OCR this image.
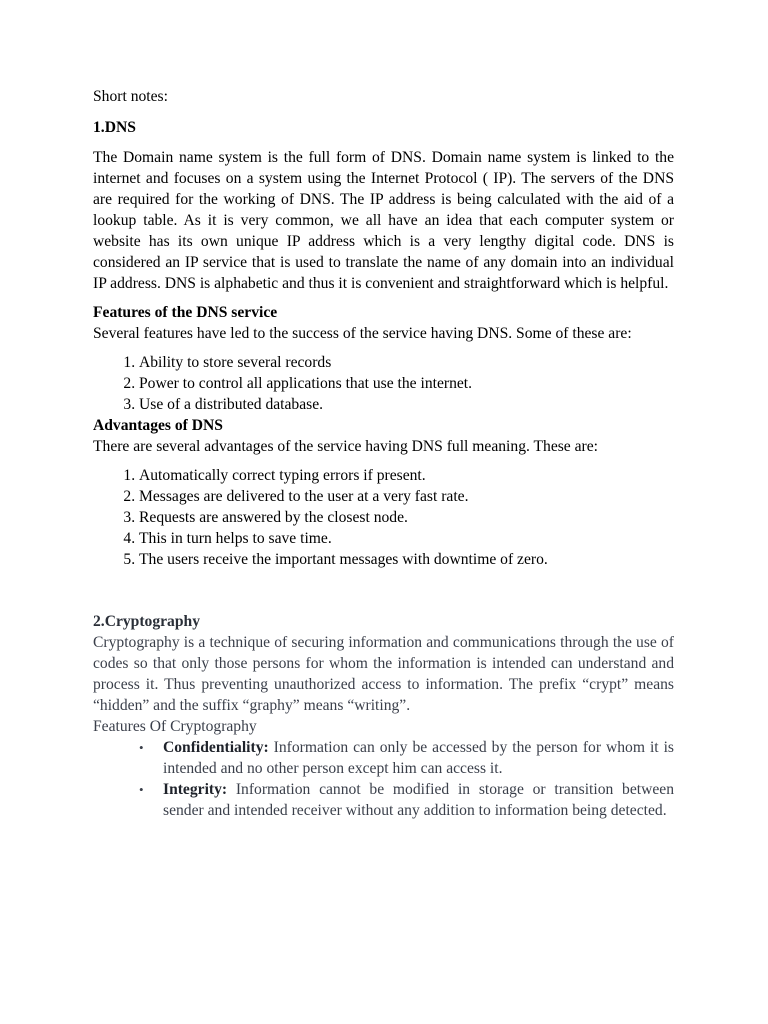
Short notes:

1.DNS

The Domain name system is the full form of DNS. Domain name system is linked to the internet and focuses on a system using the Internet Protocol ( IP). The servers of the DNS are required for the working of DNS. The IP address is being calculated with the aid of a lookup table. As it is very common, we all have an idea that each computer system or website has its own unique IP address which is a very lengthy digital code. DNS is considered an IP service that is used to translate the name of any domain into an individual IP address. DNS is alphabetic and thus it is convenient and straightforward which is helpful.

Features of the DNS service

Several features have led to the success of the service having DNS. Some of these are:

1. Ability to store several records
2. Power to control all applications that use the internet.
3. Use of a distributed database.

Advantages of DNS

There are several advantages of the service having DNS full meaning. These are:

1. Automatically correct typing errors if present.
2. Messages are delivered to the user at a very fast rate.
3. Requests are answered by the closest node.
4. This in turn helps to save time.
5. The users receive the important messages with downtime of zero.

2.Cryptography

Cryptography is a technique of securing information and communications through the use of codes so that only those persons for whom the information is intended can understand and process it. Thus preventing unauthorized access to information. The prefix “crypt” means “hidden” and the suffix “graphy” means “writing”.

Features Of Cryptography

• Confidentiality: Information can only be accessed by the person for whom it is intended and no other person except him can access it.
• Integrity: Information cannot be modified in storage or transition between sender and intended receiver without any addition to information being detected.
